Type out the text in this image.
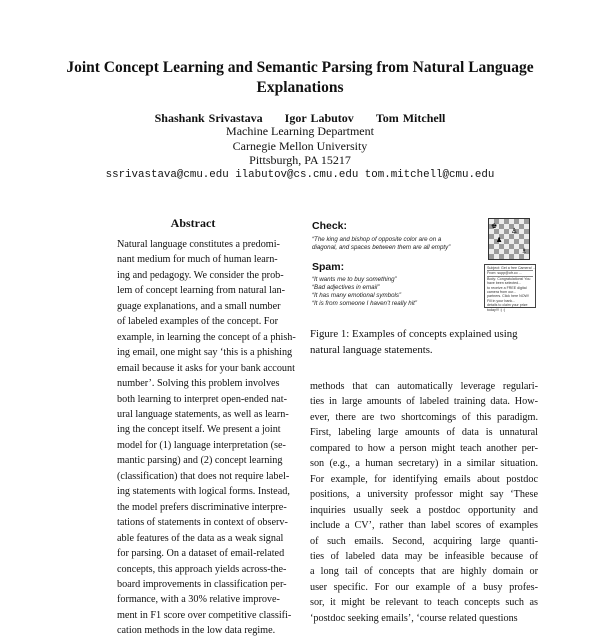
Joint Concept Learning and Semantic Parsing from Natural Language
Explanations
Shashank Srivastava Igor Labutov Tom Mitchell
Machine Learning Department
Carnegie Mellon University
Pittsburgh, PA 15217
ssrivastava@cmu.edu ilabutov@cs.cmu.edu tom.mitchell@cmu.edu
Abstract
Natural language constitutes a predomi-
nant medium for much of human learn-
ing and pedagogy. We consider the prob-
lem of concept learning from natural lan-
guage explanations, and a small number
of labeled examples of the concept. For
example, in learning the concept of a phish-
ing email, one might say ‘this is a phishing
email because it asks for your bank account
number’. Solving this problem involves
both learning to interpret open-ended nat-
ural language statements, as well as learn-
ing the concept itself. We present a joint
model for (1) language interpretation (se-
mantic parsing) and (2) concept learning
(classification) that does not require label-
ing statements with logical forms. Instead,
the model prefers discriminative interpre-
tations of statements in context of observ-
able features of the data as a weak signal
for parsing. On a dataset of email-related
concepts, this approach yields across-the-
board improvements in classification per-
formance, with a 30% relative improve-
ment in F1 score over competitive classifi-
cation methods in the low data regime.
Check:
“The king and bishop of opposite color are on a
diagonal, and spaces between them are all empty”
♚
♗
♟
♙
Spam:
“It wants me to buy something”
“Bad adjectives in email”
“It has many emotional symbols”
“It is from someone I haven’t really hit”
Subject: Get a free Camera! ...
From: supp@ofr.co ...
Body: Congratulations! You have been selected...
to receive a FREE digital camera from our...
partners. Click here NOW! Fill in your bank...
details to claim your prize today!!! :) :)
Figure 1: Examples of concepts explained using
natural language statements.
methods that can automatically leverage regulari-
ties in large amounts of labeled training data. How-
ever, there are two shortcomings of this paradigm.
First, labeling large amounts of data is unnatural
compared to how a person might teach another per-
son (e.g., a human secretary) in a similar situation.
For example, for identifying emails about postdoc
positions, a university professor might say ‘These
inquiries usually seek a postdoc opportunity and
include a CV’, rather than label scores of examples
of such emails. Second, acquiring large quanti-
ties of labeled data may be infeasible because of
a long tail of concepts that are highly domain or
user specific. For our example of a busy profes-
sor, it might be relevant to teach concepts such as
‘postdoc seeking emails’, ‘course related questions
